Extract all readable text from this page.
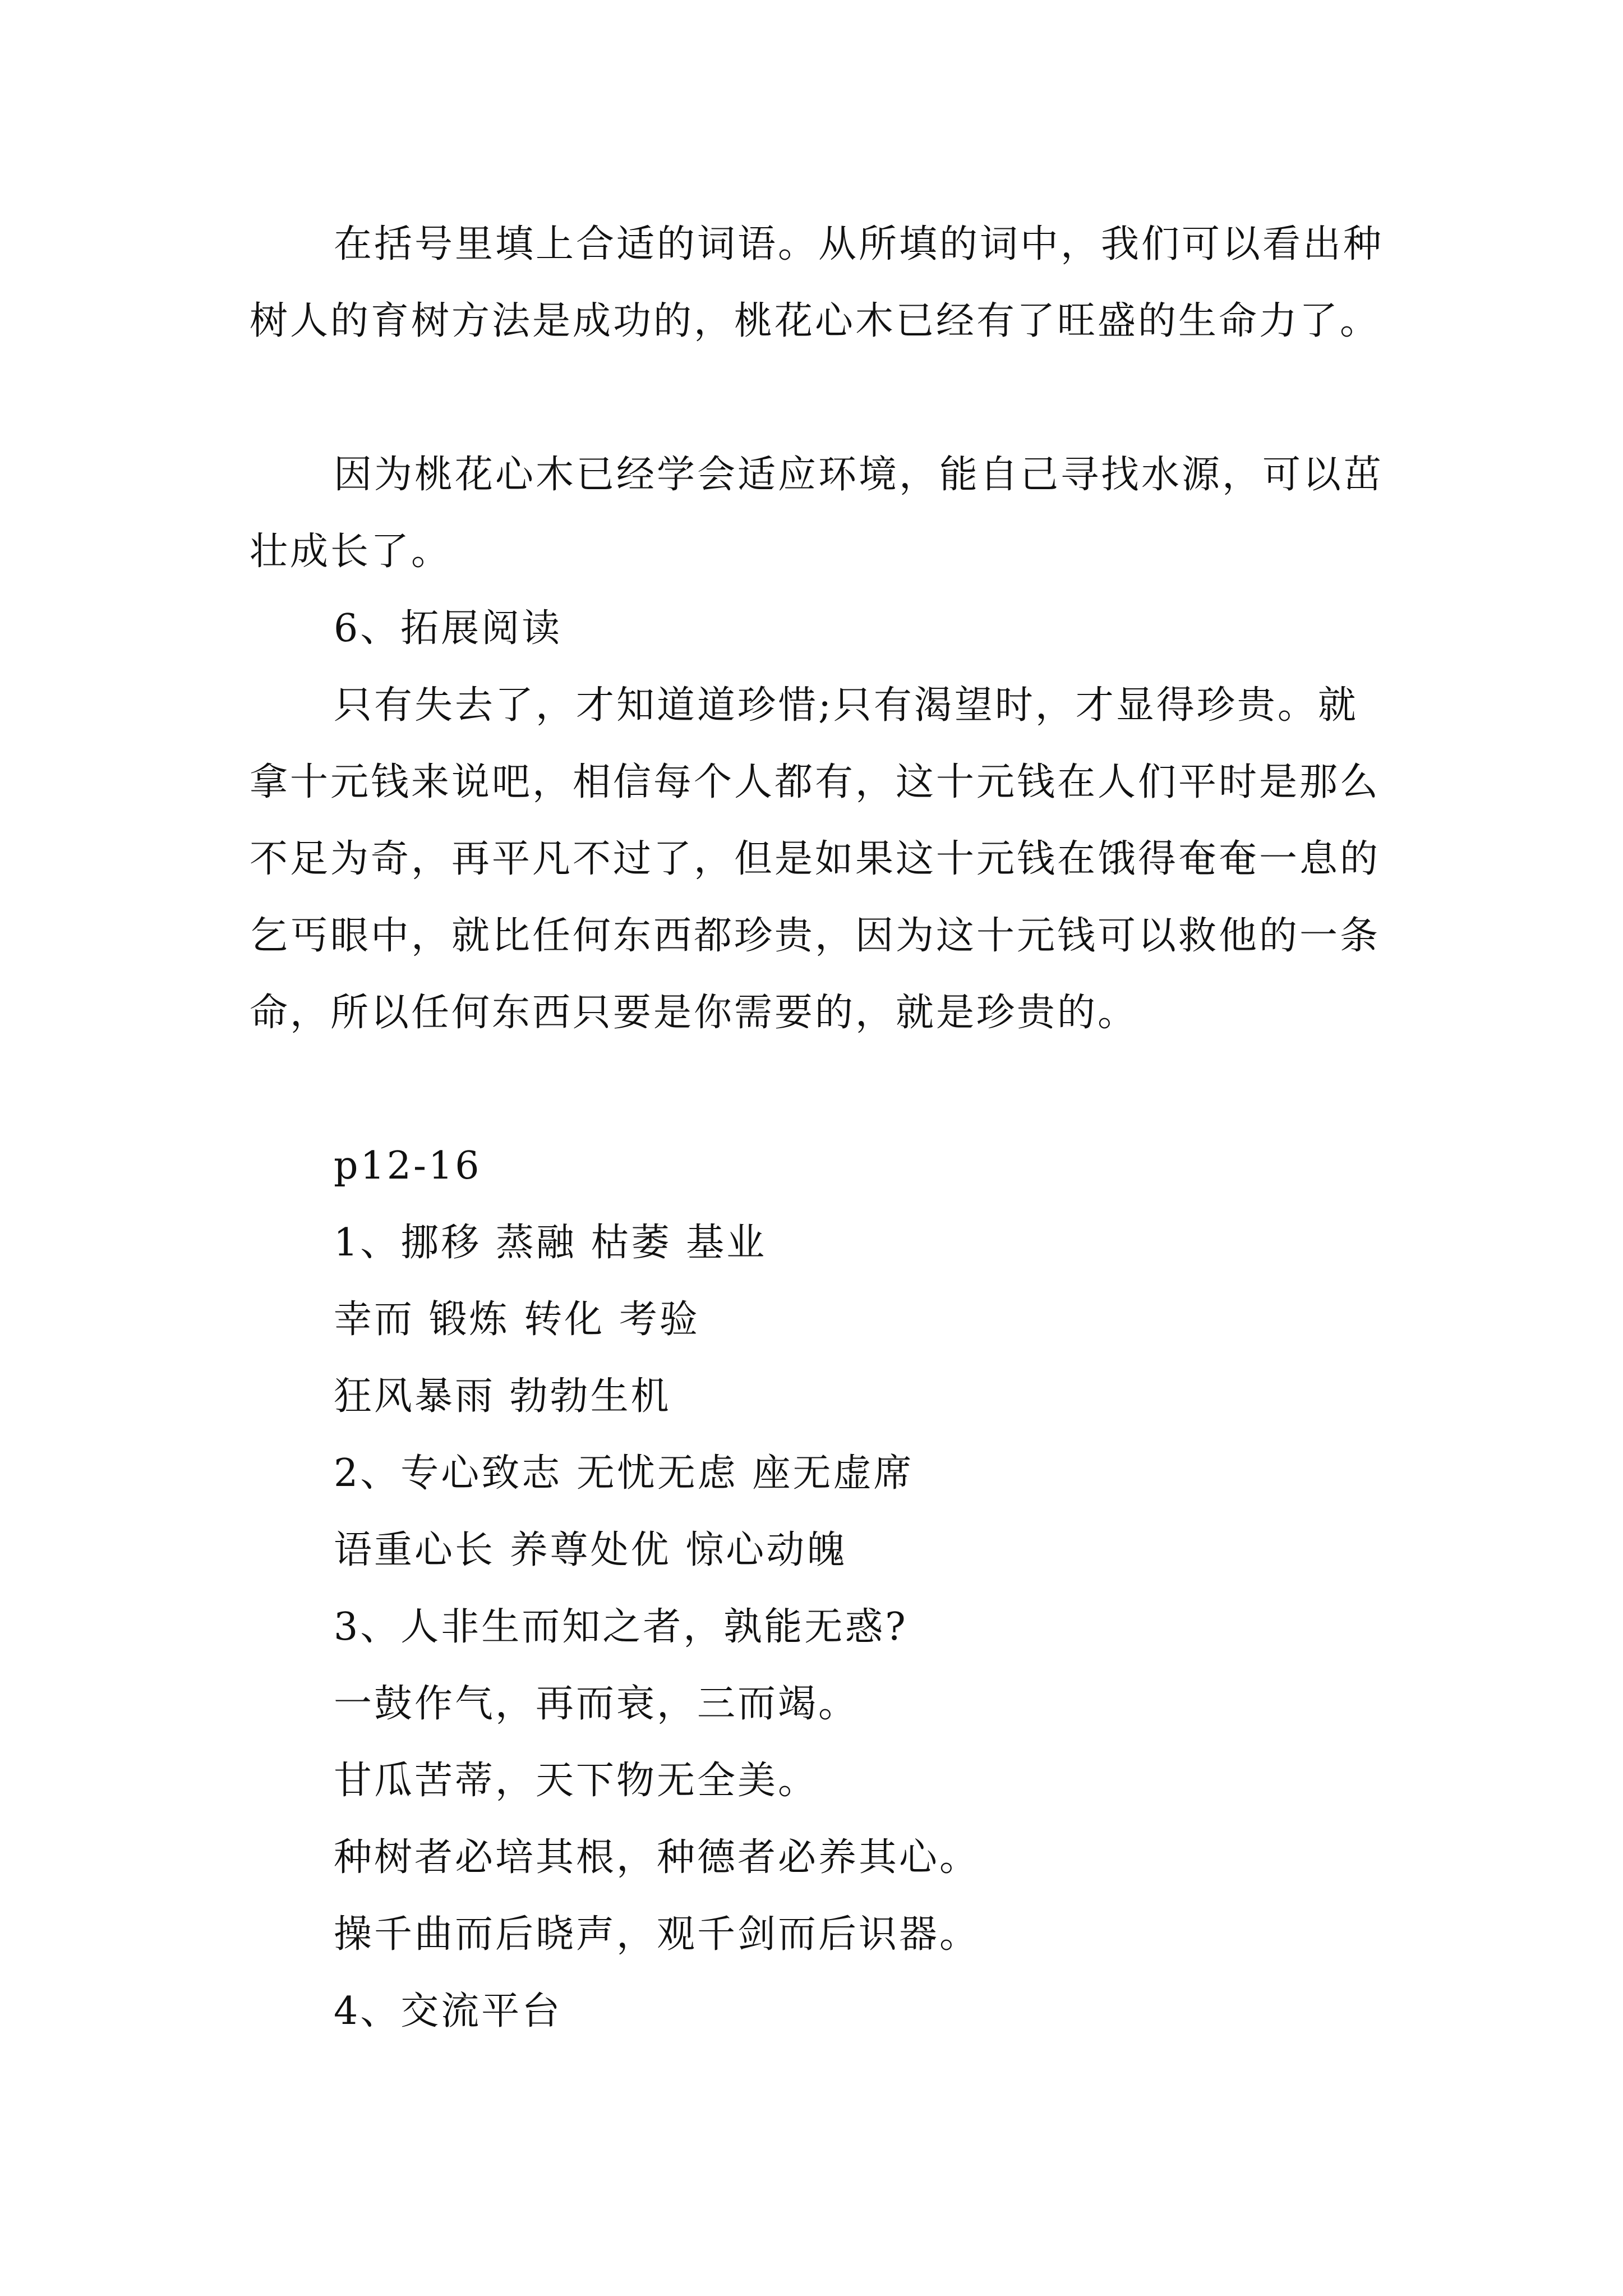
在括号里填上合适的词语。从所填的词中，我们可以看出种树人的育树方法是成功的，桃花心木已经有了旺盛的生命力了。

因为桃花心木已经学会适应环境，能自己寻找水源，可以茁壮成长了。

6、拓展阅读

只有失去了，才知道道珍惜;只有渴望时，才显得珍贵。就拿十元钱来说吧，相信每个人都有，这十元钱在人们平时是那么不足为奇，再平凡不过了，但是如果这十元钱在饿得奄奄一息的乞丐眼中，就比任何东西都珍贵，因为这十元钱可以救他的一条命，所以任何东西只要是你需要的，就是珍贵的。

p12-16

1、挪移 蒸融 枯萎 基业

幸而 锻炼 转化 考验

狂风暴雨 勃勃生机

2、专心致志 无忧无虑 座无虚席

语重心长 养尊处优 惊心动魄

3、人非生而知之者，孰能无惑?

一鼓作气，再而衰，三而竭。

甘瓜苦蒂，天下物无全美。

种树者必培其根，种德者必养其心。

操千曲而后晓声，观千剑而后识器。

4、交流平台
